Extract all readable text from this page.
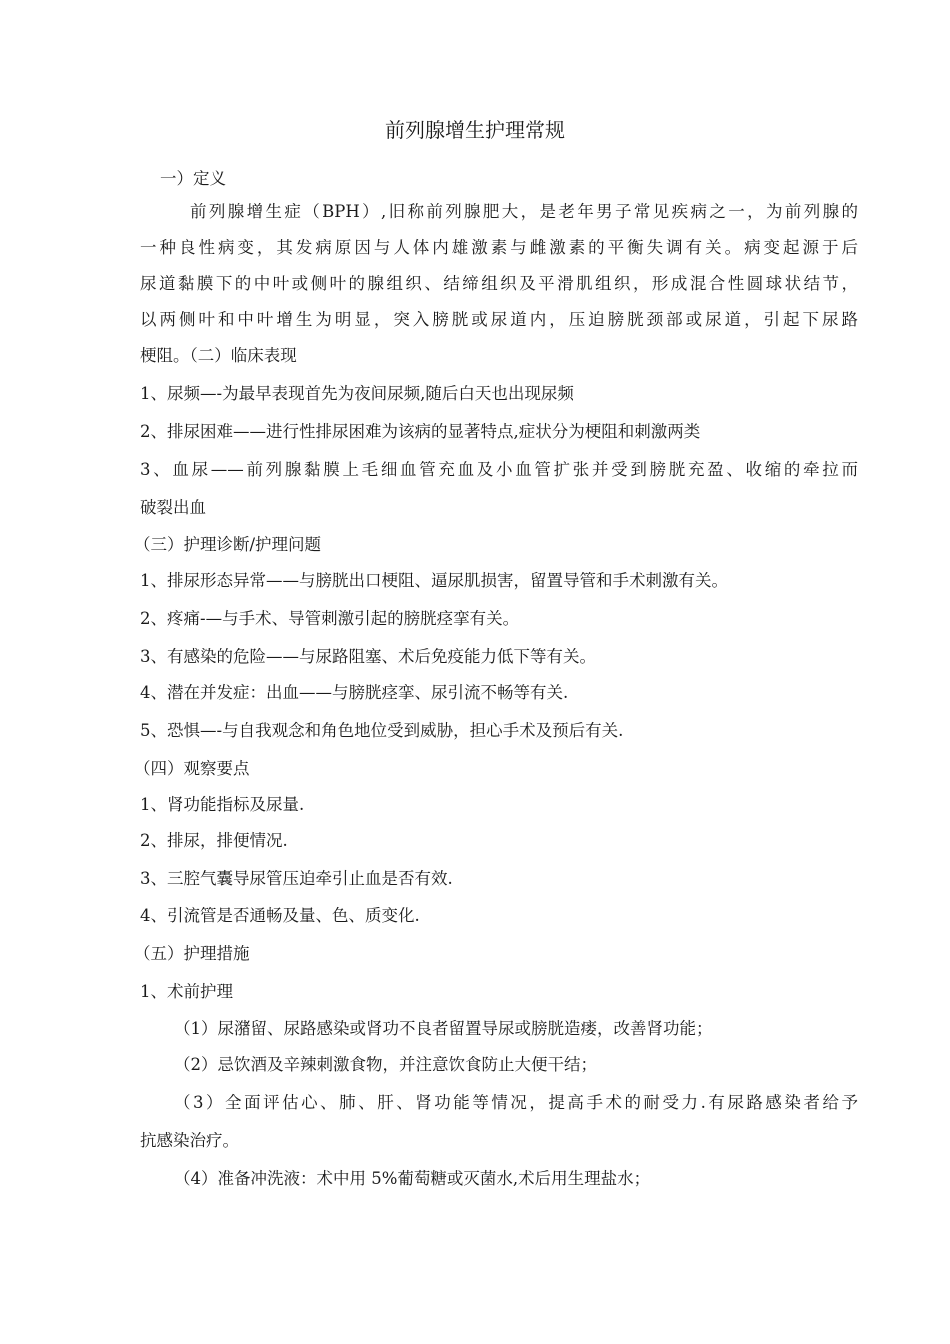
前列腺增生护理常规
一）定义
前列腺增生症（BPH）,旧称前列腺肥大，是老年男子常见疾病之一，为前列腺的
一种良性病变，其发病原因与人体内雄激素与雌激素的平衡失调有关。病变起源于后
尿道黏膜下的中叶或侧叶的腺组织、结缔组织及平滑肌组织，形成混合性圆球状结节，
以两侧叶和中叶增生为明显，突入膀胱或尿道内，压迫膀胱颈部或尿道，引起下尿路
梗阻。（二）临床表现
1、尿频—-为最早表现首先为夜间尿频,随后白天也出现尿频
2、排尿困难——进行性排尿困难为该病的显著特点,症状分为梗阻和刺激两类
3、血尿——前列腺黏膜上毛细血管充血及小血管扩张并受到膀胱充盈、收缩的牵拉而
破裂出血
（三）护理诊断/护理问题
1、排尿形态异常——与膀胱出口梗阻、逼尿肌损害，留置导管和手术刺激有关。
2、疼痛-—与手术、导管刺激引起的膀胱痉挛有关。
3、有感染的危险——与尿路阻塞、术后免疫能力低下等有关。
4、潜在并发症：出血——与膀胱痉挛、尿引流不畅等有关.
5、恐惧—-与自我观念和角色地位受到威胁，担心手术及预后有关.
（四）观察要点
1、肾功能指标及尿量.
2、排尿，排便情况.
3、三腔气囊导尿管压迫牵引止血是否有效.
4、引流管是否通畅及量、色、质变化.
（五）护理措施
1、术前护理
（1）尿潴留、尿路感染或肾功不良者留置导尿或膀胱造瘘，改善肾功能；
（2）忌饮酒及辛辣刺激食物，并注意饮食防止大便干结；
（3）全面评估心、肺、肝、肾功能等情况，提高手术的耐受力.有尿路感染者给予
抗感染治疗。
（4）准备冲洗液：术中用 5%葡萄糖或灭菌水,术后用生理盐水；
